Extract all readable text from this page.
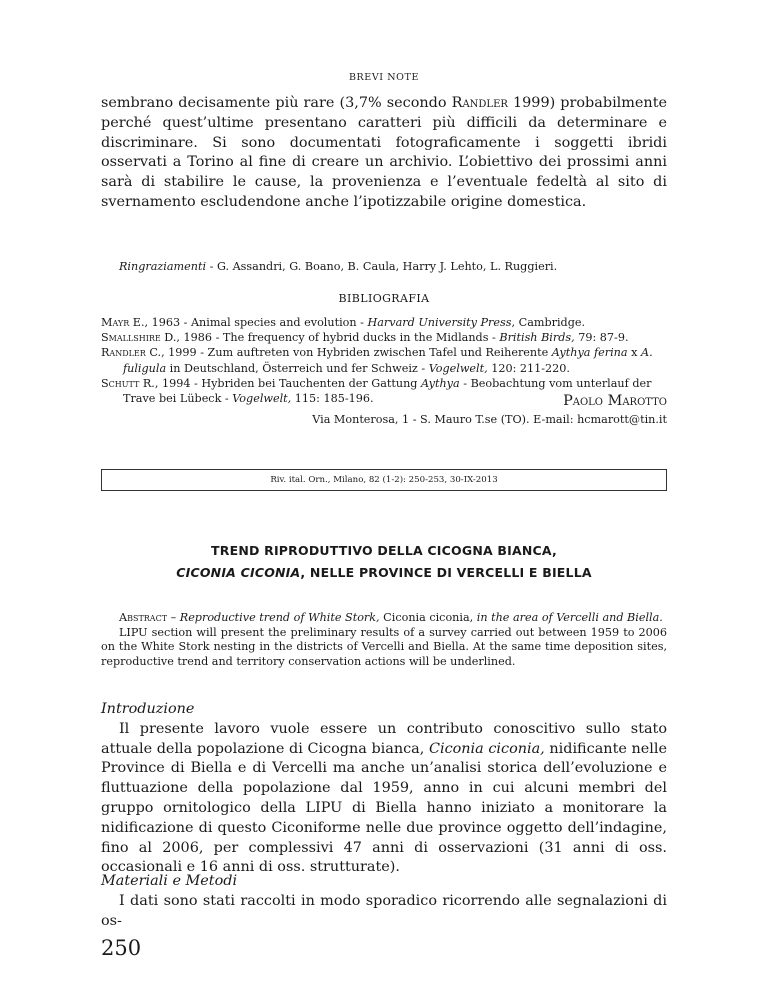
BREVI NOTE

sembrano decisamente più rare (3,7% secondo Randler 1999) probabilmente perché quest’ultime presentano caratteri più difficili da determinare e discriminare. Si sono documentati fotograficamente i soggetti ibridi osservati a Torino al fine di creare un archivio. L’obiettivo dei prossimi anni sarà di stabilire le cause, la provenienza e l’eventuale fedeltà al sito di svernamento escludendone anche l’ipotizzabile origine domestica.

Ringraziamenti - G. Assandri, G. Boano, B. Caula, Harry J. Lehto, L. Ruggieri.
BIBLIOGRAFIA

Mayr E., 1963 - Animal species and evolution - Harvard University Press, Cambridge.

Smallshire D., 1986 - The frequency of hybrid ducks in the Midlands - British Birds, 79: 87-9.

Randler C., 1999 - Zum auftreten von Hybriden zwischen Tafel und Reiherente Aythya ferina x A. fuligula in Deutschland, Österreich und fer Schweiz - Vogelwelt, 120: 211-220.

Schutt R., 1994 - Hybriden bei Tauchenten der Gattung Aythya - Beobachtung vom unterlauf der Trave bei Lübeck - Vogelwelt, 115: 185-196.	Paolo Marotto
Via Monterosa, 1 - S. Mauro T.se (TO). E-mail: hcmarott@tin.it
Riv. ital. Orn., Milano, 82 (1-2): 250-253, 30-IX-2013
TREND RIPRODUTTIVO DELLA CICOGNA BIANCA,
CICONIA CICONIA, NELLE PROVINCE DI VERCELLI E BIELLA
Abstract – Reproductive trend of White Stork, Ciconia ciconia, in the area of Vercelli and Biella.
LIPU section will present the preliminary results of a survey carried out between 1959 to 2006 on the White Stork nesting in the districts of Vercelli and Biella. At the same time deposition sites, reproductive trend and territory conservation actions will be underlined.
Introduzione

Il presente lavoro vuole essere un contributo conoscitivo sullo stato attuale della popolazione di Cicogna bianca, Ciconia ciconia, nidificante nelle Province di Biella e di Vercelli ma anche un’analisi storica dell’evoluzione e fluttuazione della popolazione dal 1959, anno in cui alcuni membri del gruppo ornitologico della LIPU di Biella hanno iniziato a monitorare la nidificazione di questo Ciconiforme nelle due province oggetto dell’indagine, fino al 2006, per complessivi 47 anni di osservazioni (31 anni di oss. occasionali e 16 anni di oss. strutturate).

Materiali e Metodi

I dati sono stati raccolti in modo sporadico ricorrendo alle segnalazioni di os-

250
